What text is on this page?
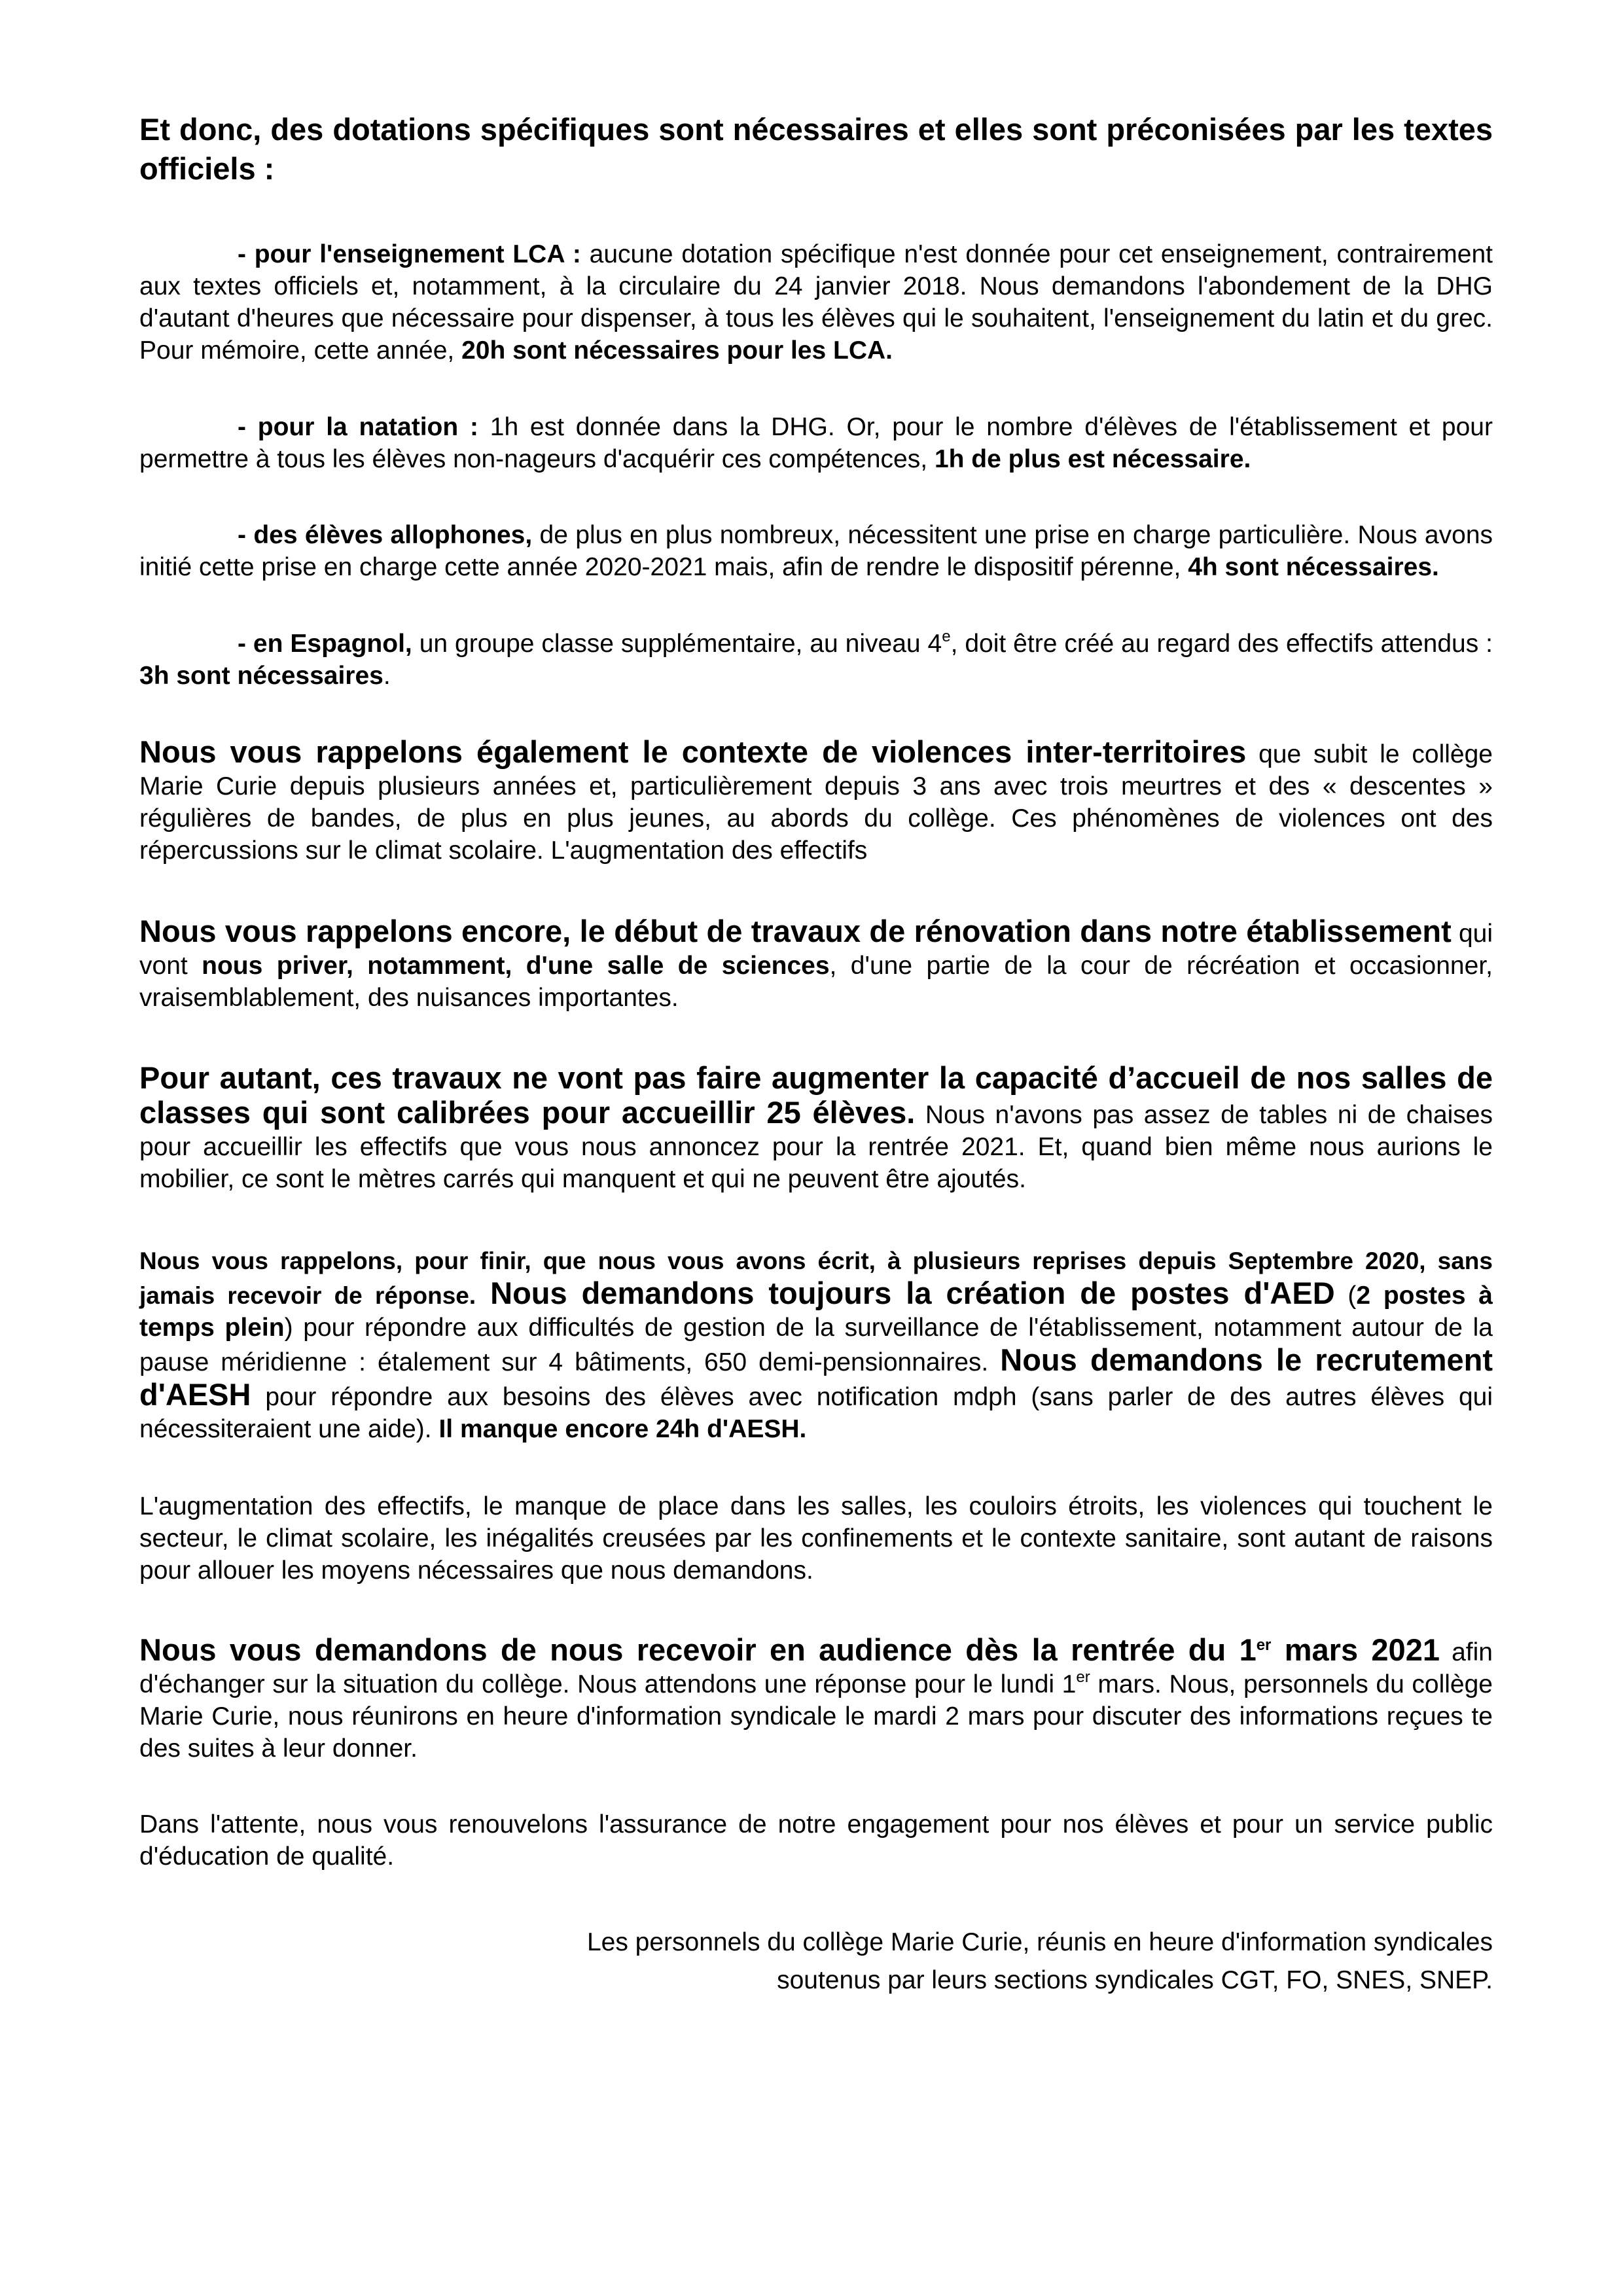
Et donc, des dotations spécifiques sont nécessaires et elles sont préconisées par les textes officiels :

- pour l'enseignement LCA : aucune dotation spécifique n'est donnée pour cet enseignement, contrairement aux textes officiels et, notamment, à la circulaire du 24 janvier 2018. Nous demandons l'abondement de la DHG d'autant d'heures que nécessaire pour dispenser, à tous les élèves qui le souhaitent, l'enseignement du latin et du grec. Pour mémoire, cette année, 20h sont nécessaires pour les LCA.

- pour la natation : 1h est donnée dans la DHG. Or, pour le nombre d'élèves de l'établissement et pour permettre à tous les élèves non-nageurs d'acquérir ces compétences, 1h de plus est nécessaire.

- des élèves allophones, de plus en plus nombreux, nécessitent une prise en charge particulière. Nous avons initié cette prise en charge cette année 2020-2021 mais, afin de rendre le dispositif pérenne, 4h sont nécessaires.

- en Espagnol, un groupe classe supplémentaire, au niveau 4e, doit être créé au regard des effectifs attendus : 3h sont nécessaires.

Nous vous rappelons également le contexte de violences inter-territoires que subit le collège Marie Curie depuis plusieurs années et, particulièrement depuis 3 ans avec trois meurtres et des « descentes » régulières de bandes, de plus en plus jeunes, au abords du collège. Ces phénomènes de violences ont des répercussions sur le climat scolaire. L'augmentation des effectifs

Nous vous rappelons encore, le début de travaux de rénovation dans notre établissement qui vont nous priver, notamment, d'une salle de sciences, d'une partie de la cour de récréation et occasionner, vraisemblablement, des nuisances importantes.

Pour autant, ces travaux ne vont pas faire augmenter la capacité d’accueil de nos salles de classes qui sont calibrées pour accueillir 25 élèves. Nous n'avons pas assez de tables ni de chaises pour accueillir les effectifs que vous nous annoncez pour la rentrée 2021. Et, quand bien même nous aurions le mobilier, ce sont le mètres carrés qui manquent et qui ne peuvent être ajoutés.

Nous vous rappelons, pour finir, que nous vous avons écrit, à plusieurs reprises depuis Septembre 2020, sans jamais recevoir de réponse. Nous demandons toujours la création de postes d'AED (2 postes à temps plein) pour répondre aux difficultés de gestion de la surveillance de l'établissement, notamment autour de la pause méridienne : étalement sur 4 bâtiments, 650 demi-pensionnaires. Nous demandons le recrutement d'AESH pour répondre aux besoins des élèves avec notification mdph (sans parler de des autres élèves qui nécessiteraient une aide). Il manque encore 24h d'AESH.

L'augmentation des effectifs, le manque de place dans les salles, les couloirs étroits, les violences qui touchent le secteur, le climat scolaire, les inégalités creusées par les confinements et le contexte sanitaire, sont autant de raisons pour allouer les moyens nécessaires que nous demandons.

Nous vous demandons de nous recevoir en audience dès la rentrée du 1er mars 2021 afin d'échanger sur la situation du collège. Nous attendons une réponse pour le lundi 1er mars. Nous, personnels du collège Marie Curie, nous réunirons en heure d'information syndicale le mardi 2 mars pour discuter des informations reçues te des suites à leur donner.

Dans l'attente, nous vous renouvelons l'assurance de notre engagement pour nos élèves et pour un service public d'éducation de qualité.

Les personnels du collège Marie Curie, réunis en heure d'information syndicales
soutenus par leurs sections syndicales CGT, FO, SNES, SNEP.
